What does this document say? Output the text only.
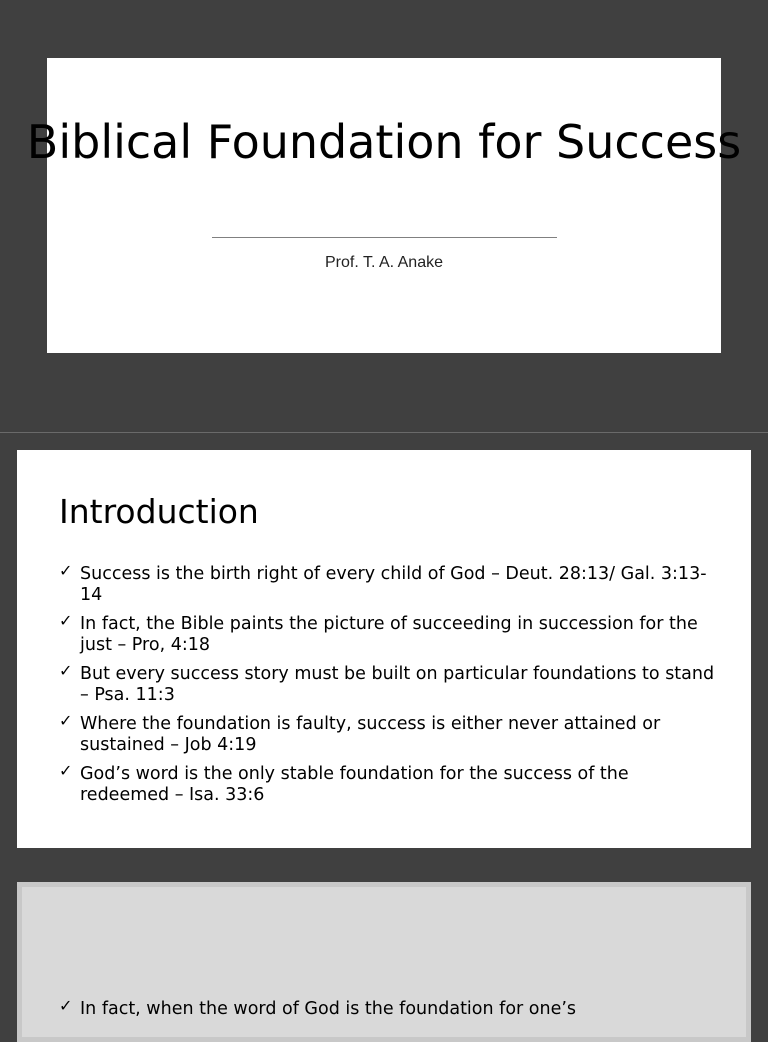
Biblical Foundation for Success
Prof. T. A. Anake
Introduction
✓ Success is the birth right of every child of God – Deut. 28:13/ Gal. 3:13-14
✓ In fact, the Bible paints the picture of succeeding in succession for the just – Pro, 4:18
✓ But every success story must be built on particular foundations to stand – Psa. 11:3
✓ Where the foundation is faulty, success is either never attained or sustained – Job 4:19
✓ God’s word is the only stable foundation for the success of the redeemed – Isa. 33:6
✓ In fact, when the word of God is the foundation for one’s
